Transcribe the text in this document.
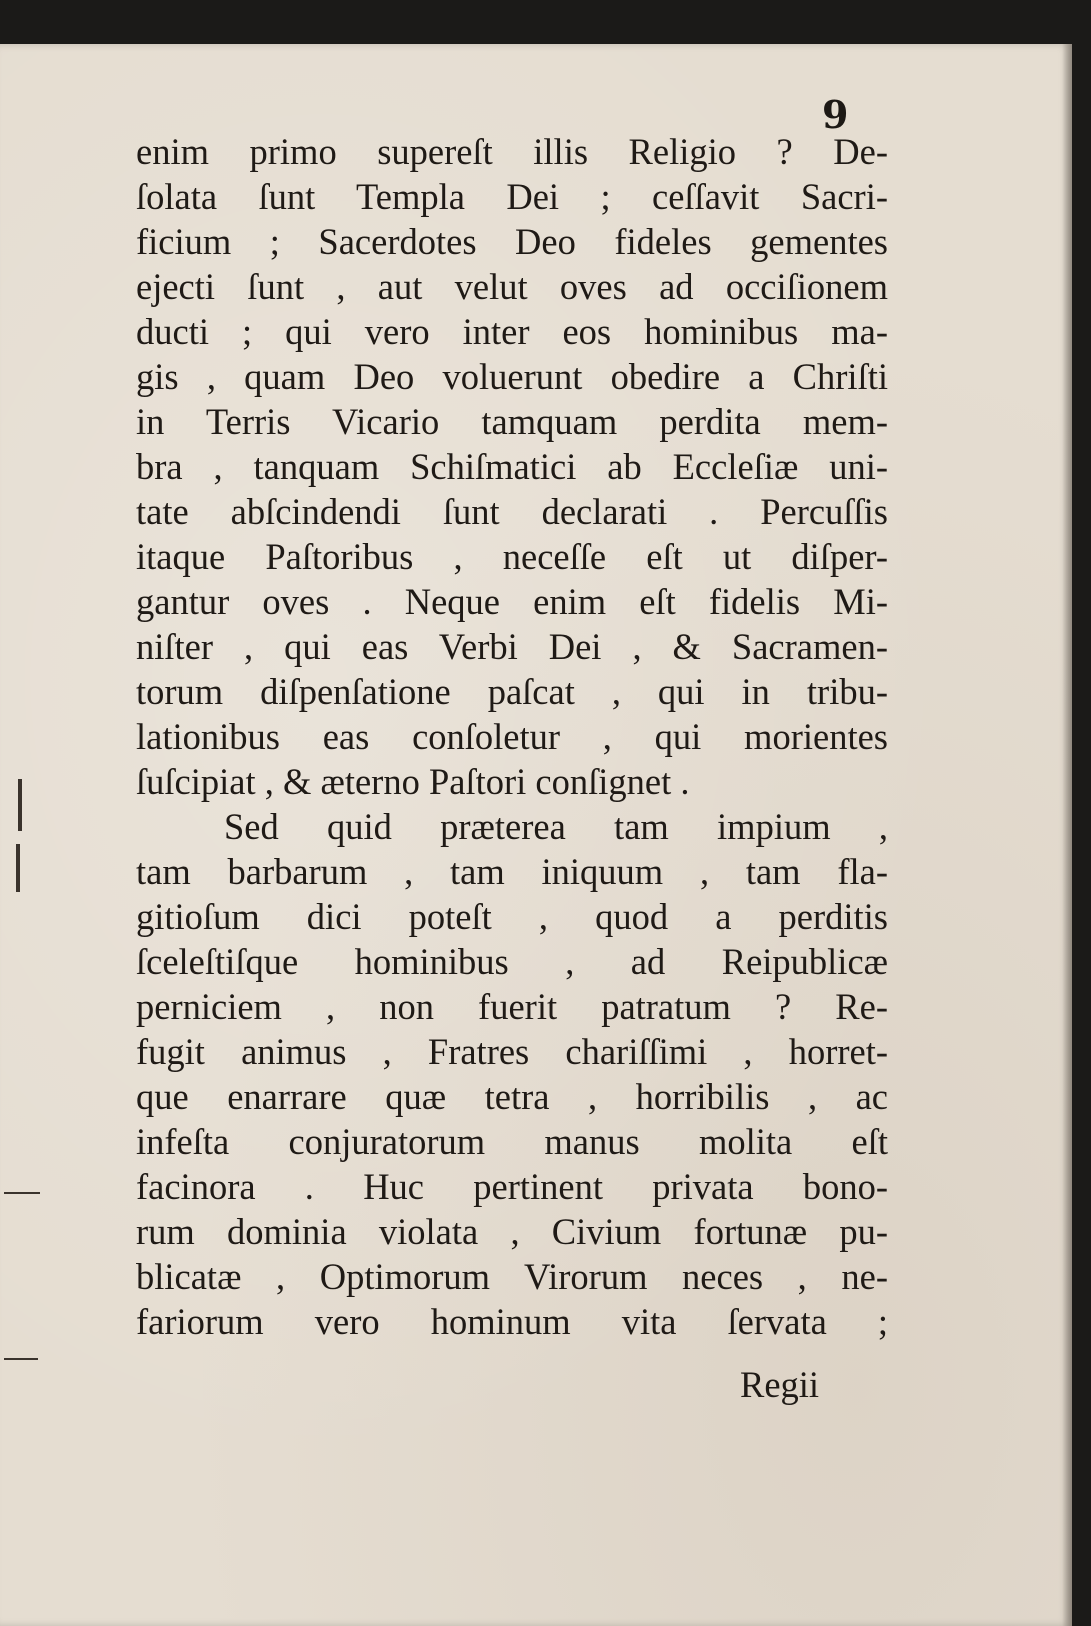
9
enim primo supereſt illis Religio ? De-
ſolata ſunt Templa Dei ; ceſſavit Sacri-
ficium ; Sacerdotes Deo fideles gementes
ejecti ſunt , aut velut oves ad occiſionem
ducti ; qui vero inter eos hominibus ma-
gis , quam Deo voluerunt obedire a Chriſti
in Terris Vicario tamquam perdita mem-
bra , tanquam Schiſmatici ab Eccleſiæ uni-
tate abſcindendi ſunt declarati . Percuſſis
itaque Paſtoribus , neceſſe eſt ut diſper-
gantur oves . Neque enim eſt fidelis Mi-
niſter , qui eas Verbi Dei , & Sacramen-
torum diſpenſatione paſcat , qui in tribu-
lationibus eas conſoletur , qui morientes
ſuſcipiat , & æterno Paſtori conſignet .
Sed quid præterea tam impium ,
tam barbarum , tam iniquum , tam fla-
gitioſum dici poteſt , quod a perditis
ſceleſtiſque hominibus , ad Reipublicæ
perniciem , non fuerit patratum ? Re-
fugit animus , Fratres chariſſimi , horret-
que enarrare quæ tetra , horribilis , ac
infeſta conjuratorum manus molita eſt
facinora . Huc pertinent privata bono-
rum dominia violata , Civium fortunæ pu-
blicatæ , Optimorum Virorum neces , ne-
fariorum vero hominum vita ſervata ;
Regii
